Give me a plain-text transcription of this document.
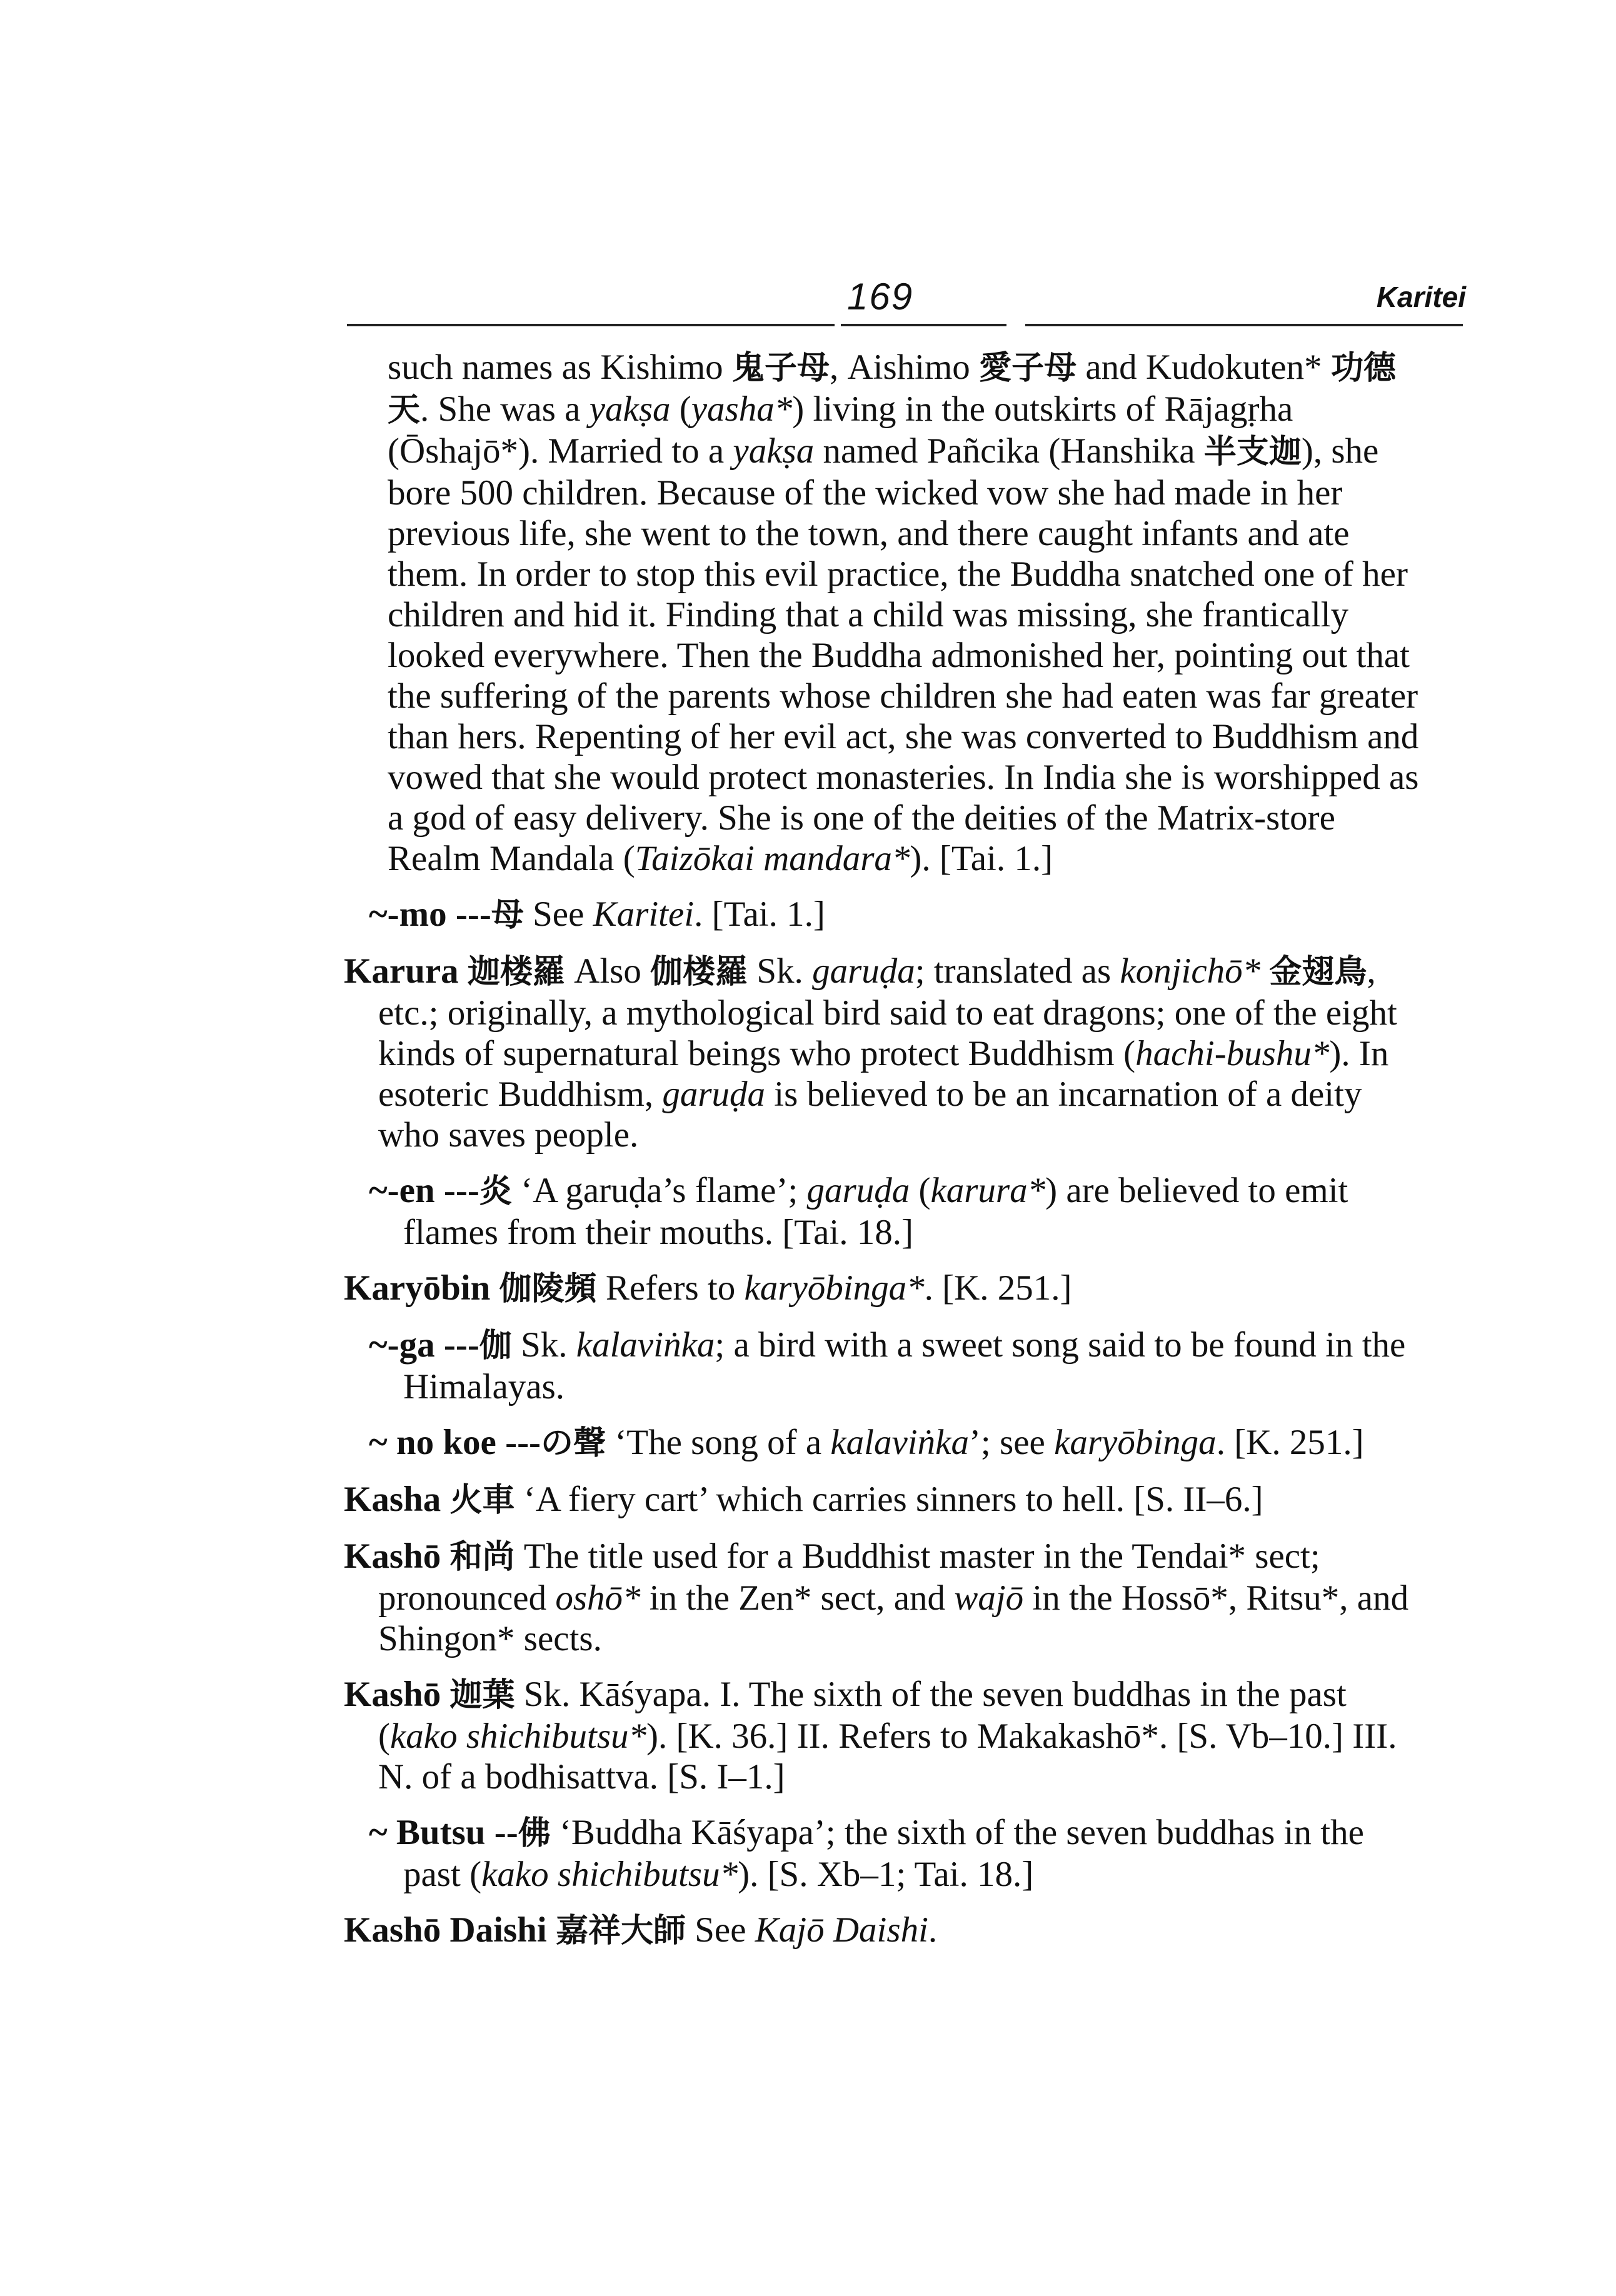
169	Karitei

such names as Kishimo 鬼子母, Aishimo 愛子母 and Kudokuten* 功德天. She was a yakṣa (yasha*) living in the outskirts of Rājagṛha (Ōshajō*). Married to a yakṣa named Pañcika (Hanshika 半支迦), she bore 500 children. Because of the wicked vow she had made in her previous life, she went to the town, and there caught infants and ate them. In order to stop this evil practice, the Buddha snatched one of her children and hid it. Finding that a child was missing, she frantically looked everywhere. Then the Buddha admonished her, pointing out that the suffering of the parents whose children she had eaten was far greater than hers. Repenting of her evil act, she was converted to Buddhism and vowed that she would protect monasteries. In India she is worshipped as a god of easy delivery. She is one of the deities of the Matrix-store Realm Mandala (Taizōkai mandara*). [Tai. 1.]

~-mo ---母 See Karitei. [Tai. 1.]

Karura 迦楼羅 Also 伽楼羅 Sk. garuḍa; translated as konjichō* 金翅鳥, etc.; originally, a mythological bird said to eat dragons; one of the eight kinds of supernatural beings who protect Buddhism (hachi-bushu*). In esoteric Buddhism, garuḍa is believed to be an incarnation of a deity who saves people.

~-en ---炎 ‘A garuḍa’s flame’; garuḍa (karura*) are believed to emit flames from their mouths. [Tai. 18.]

Karyōbin 伽陵頻 Refers to karyōbinga*. [K. 251.]

~-ga ---伽 Sk. kalaviṅka; a bird with a sweet song said to be found in the Himalayas.

~ no koe ---の聲 ‘The song of a kalaviṅka’; see karyōbinga. [K. 251.]

Kasha 火車 ‘A fiery cart’ which carries sinners to hell. [S. II–6.]

Kashō 和尚 The title used for a Buddhist master in the Tendai* sect; pronounced oshō* in the Zen* sect, and wajō in the Hossō*, Ritsu*, and Shingon* sects.

Kashō 迦葉 Sk. Kāśyapa. I. The sixth of the seven buddhas in the past (kako shichibutsu*). [K. 36.] II. Refers to Makakashō*. [S. Vb–10.] III. N. of a bodhisattva. [S. I–1.]

~ Butsu --佛 ‘Buddha Kāśyapa’; the sixth of the seven buddhas in the past (kako shichibutsu*). [S. Xb–1; Tai. 18.]

Kashō Daishi 嘉祥大師 See Kajō Daishi.
